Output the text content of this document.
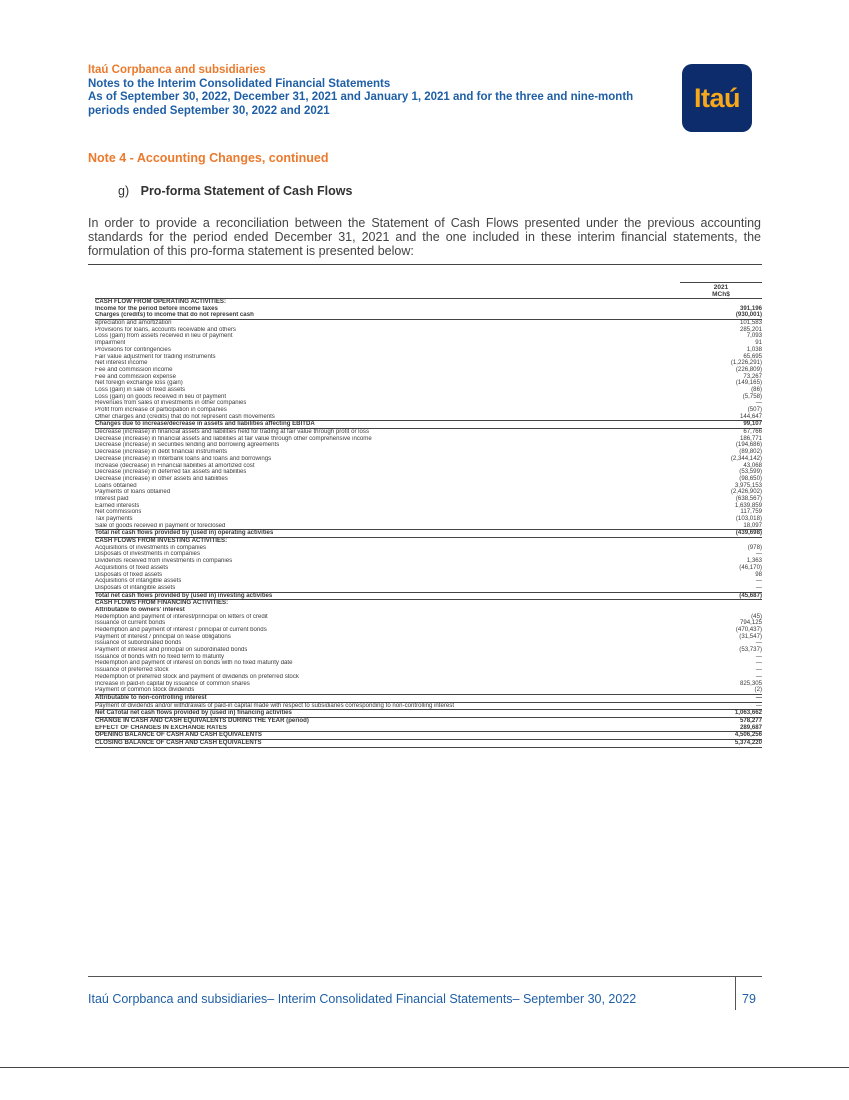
Itaú Corpbanca and subsidiaries
Notes to the Interim Consolidated Financial Statements
As of September 30, 2022, December 31, 2021 and January 1, 2021 and for the three and nine-month periods ended September 30, 2022 and 2021	Itaú
Note 4 - Accounting Changes, continued
g) Pro-forma Statement of Cash Flows
In order to provide a reconciliation between the Statement of Cash Flows presented under the previous accounting standards for the period ended December 31, 2021 and the one included in these interim financial statements, the formulation of this pro-forma statement is presented below:
2021
MCh$
CASH FLOW FROM OPERATING ACTIVITIES:
Income for the period before income taxes	391,196
Charges (credits) to income that do not represent cash	(930,001)
epreciation and amortization	101,583
Provisions for loans, accounts receivable and others	285,201
Loss (gain) from assets received in lieu of payment	7,093
Impairment	91
Provisions for contingencies	1,038
Fair value adjustment for trading instruments	65,695
Net interest income	(1,226,291)
Fee and commission income	(226,809)
Fee and commission expense	73,267
Net foreign exchange loss (gain)	(149,165)
Loss (gain) in sale of fixed assets	(86)
Loss (gain) on goods received in lieu of payment	(5,758)
Revenues from sales of investments in other companies	—
Profit from increase of participation in companies	(507)
Other charges and (credits) that do not represent cash movements	144,647
Changes due to increase/decrease in assets and liabilities affecting EBITDA	99,107
Decrease (increase) in financial assets and liabilities held for trading at fair value through profit or loss	67,766
Decrease (increase) in financial assets and liabilities at fair value through other comprehensive income	186,771
Decrease (increase) in securities lending and borrowing agreements	(194,686)
Decrease (increase) in debt financial instruments	(89,802)
Decrease (increase) in Interbank loans and loans and borrowings	(2,344,142)
Increase (decrease) in Financial liabilities at amortized cost	43,068
Decrease (increase) in deferred tax assets and liabilities	(53,599)
Decrease (increase) in other assets and liabilities	(98,650)
Loans obtained	3,975,153
Payments of loans obtained	(2,426,902)
Interest paid	(638,567)
Earned interests	1,639,859
Net commissions	117,759
Tax payments	(103,018)
Sale of goods received in payment or foreclosed	18,097
Total net cash flows provided by (used in) operating activities	(439,698)
CASH FLOWS FROM INVESTING ACTIVITIES:
Acquisitions of investments in companies	(978)
Disposals of investments in companies	—
Dividends received from investments in companies	1,363
Acquisitions of fixed assets	(46,170)
Disposals of fixed assets	98
Acquisitions of intangible assets	—
Disposals of intangible assets	—
Total net cash flows provided by (used in) investing activities	(45,687)
CASH FLOWS FROM FINANCING ACTIVITIES:
Attributable to owners' interest
Redemption and payment of interest/principal on letters of credit	(45)
Issuance of current bonds	794,125
Redemption and payment of interest / principal of current bonds	(470,437)
Payment of interest / principal on lease obligations	(31,547)
Issuance of subordinated bonds	—
Payment of interest and principal on subordinated bonds	(53,737)
Issuance of bonds with no fixed term to maturity	—
Redemption and payment of interest on bonds with no fixed maturity date	—
Issuance of preferred stock	—
Redemption of preferred stock and payment of dividends on preferred stock	—
Increase in paid-in capital by issuance of common shares	825,305
Payment of common stock dividends	(2)
Attributable to non-controlling interest	—
Payment of dividends and/or withdrawals of paid-in capital made with respect to subsidiaries corresponding to non-controlling interest	—
Net CaTotal net cash flows provided by (used in) financing activities	1,063,662
CHANGE IN CASH AND CASH EQUIVALENTS DURING THE YEAR (period)	578,277
EFFECT OF CHANGES IN EXCHANGE RATES	289,687
OPENING BALANCE OF CASH AND CASH EQUIVALENTS	4,506,256
CLOSING BALANCE OF CASH AND CASH EQUIVALENTS	5,374,220
Itaú Corpbanca and subsidiaries– Interim Consolidated Financial Statements– September 30, 2022	79
